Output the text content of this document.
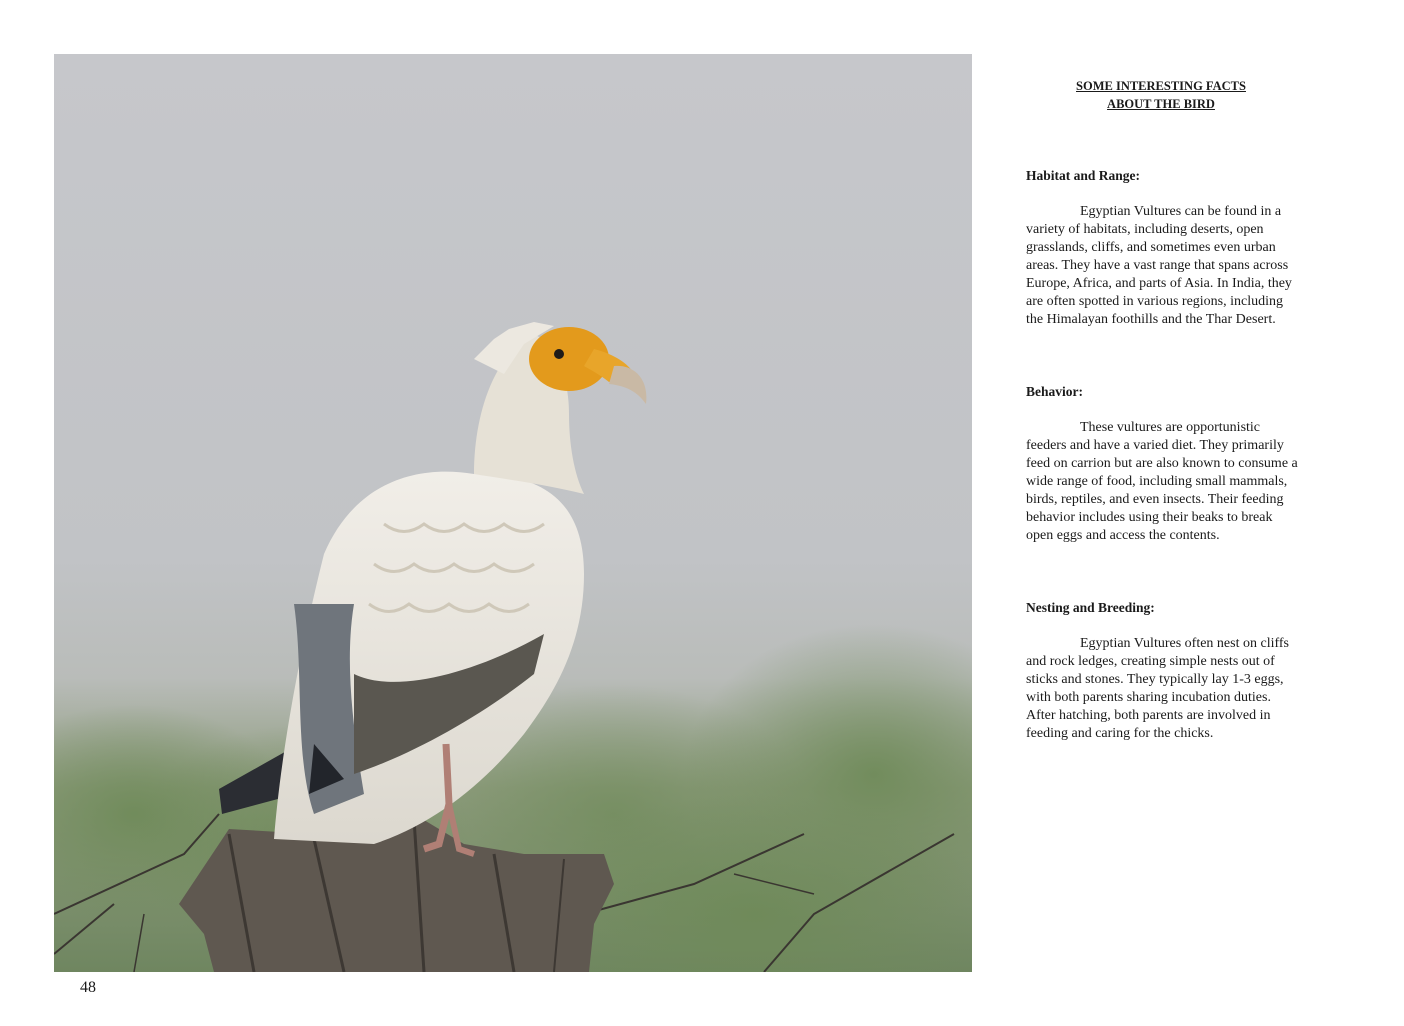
SOME INTERESTING FACTS
ABOUT THE BIRD

Habitat and Range:

Egyptian Vultures can be found in a variety of habitats, including deserts, open grasslands, cliffs, and sometimes even urban areas. They have a vast range that spans across Europe, Africa, and parts of Asia. In India, they are often spotted in various regions, including the Himalayan foothills and the Thar Desert.

Behavior:

These vultures are opportunistic feeders and have a varied diet. They primarily feed on carrion but are also known to consume a wide range of food, including small mammals, birds, reptiles, and even insects. Their feeding behavior includes using their beaks to break open eggs and access the contents.

Nesting and Breeding:

Egyptian Vultures often nest on cliffs and rock ledges, creating simple nests out of sticks and stones. They typically lay 1-3 eggs, with both parents sharing incubation duties. After hatching, both parents are involved in feeding and caring for the chicks.

48
